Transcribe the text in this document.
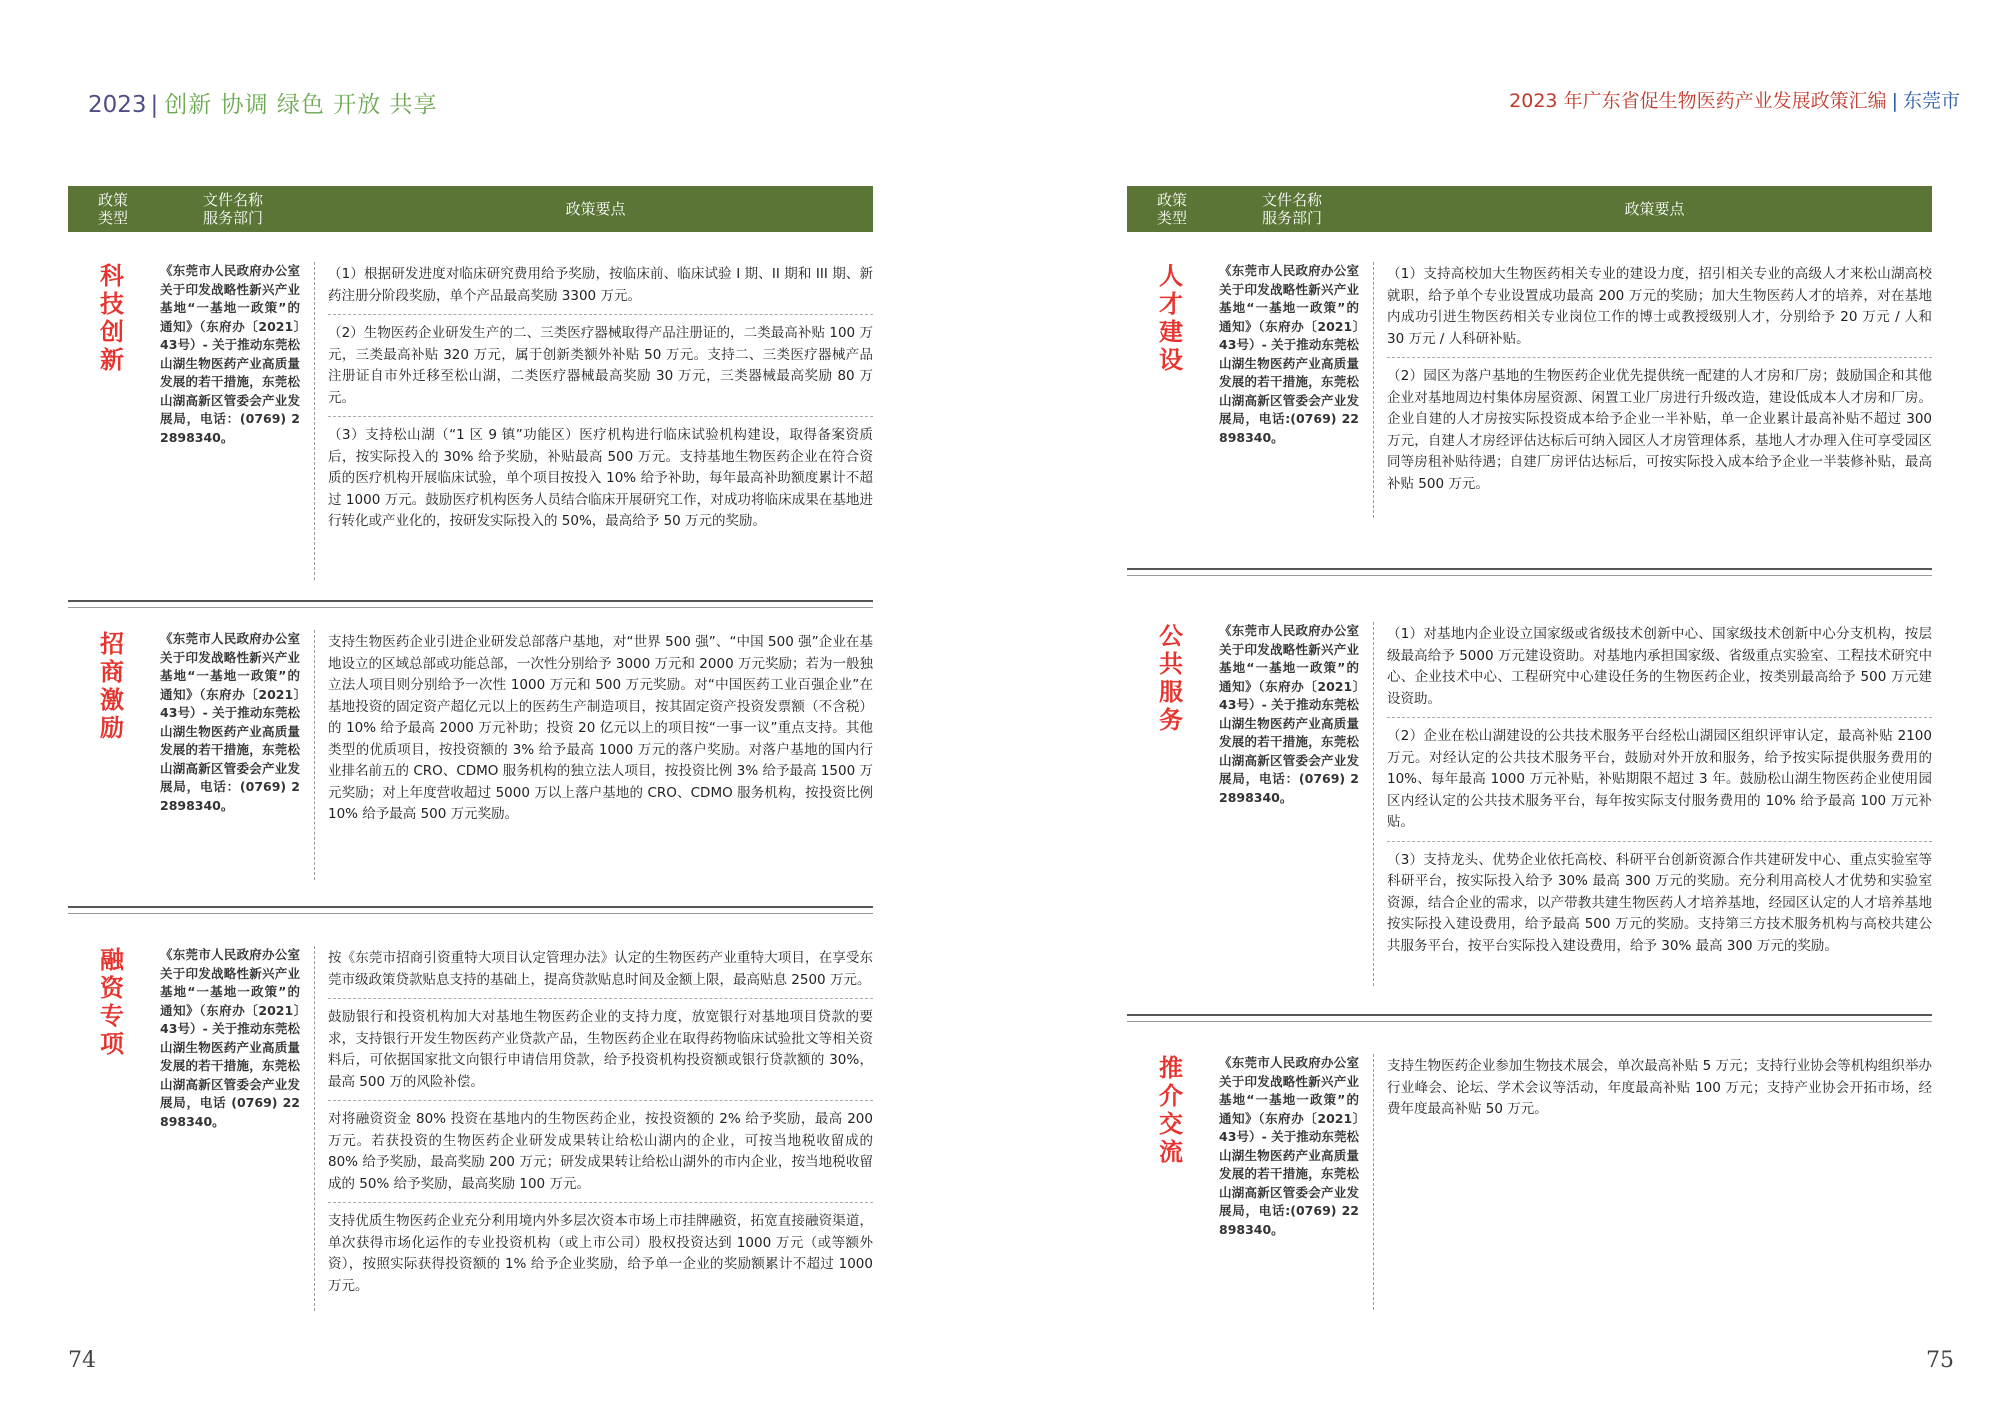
2023 | 创新 协调 绿色 开放 共享
政策
类型
文件名称
服务部门	政策要点
科
技
创
新
《东莞市人民政府办公室关于印发战略性新兴产业基地“一基地一政策”的通知》（东府办〔2021〕43号）- 关于推动东莞松山湖生物医药产业高质量发展的若干措施，东莞松山湖高新区管委会产业发展局，电话：(0769) 22898340。
（1）根据研发进度对临床研究费用给予奖励，按临床前、临床试验 I 期、II 期和 III 期、新药注册分阶段奖励，单个产品最高奖励 3300 万元。
（2）生物医药企业研发生产的二、三类医疗器械取得产品注册证的，二类最高补贴 100 万元，三类最高补贴 320 万元，属于创新类额外补贴 50 万元。支持二、三类医疗器械产品注册证自市外迁移至松山湖，二类医疗器械最高奖励 30 万元，三类器械最高奖励 80 万元。
（3）支持松山湖（“1 区 9 镇”功能区）医疗机构进行临床试验机构建设，取得备案资质后，按实际投入的 30% 给予奖励，补贴最高 500 万元。支持基地生物医药企业在符合资质的医疗机构开展临床试验，单个项目按投入 10% 给予补助，每年最高补助额度累计不超过 1000 万元。鼓励医疗机构医务人员结合临床开展研究工作，对成功将临床成果在基地进行转化或产业化的，按研发实际投入的 50%，最高给予 50 万元的奖励。
招
商
激
励
《东莞市人民政府办公室关于印发战略性新兴产业基地“一基地一政策”的通知》（东府办〔2021〕43号）- 关于推动东莞松山湖生物医药产业高质量发展的若干措施，东莞松山湖高新区管委会产业发展局，电话：(0769) 22898340。
支持生物医药企业引进企业研发总部落户基地，对“世界 500 强”、“中国 500 强”企业在基地设立的区域总部或功能总部，一次性分别给予 3000 万元和 2000 万元奖励；若为一般独立法人项目则分别给予一次性 1000 万元和 500 万元奖励。对“中国医药工业百强企业”在基地投资的固定资产超亿元以上的医药生产制造项目，按其固定资产投资发票额（不含税）的 10% 给予最高 2000 万元补助；投资 20 亿元以上的项目按“一事一议”重点支持。其他类型的优质项目，按投资额的 3% 给予最高 1000 万元的落户奖励。对落户基地的国内行业排名前五的 CRO、CDMO 服务机构的独立法人项目，按投资比例 3% 给予最高 1500 万元奖励；对上年度营收超过 5000 万以上落户基地的 CRO、CDMO 服务机构，按投资比例 10% 给予最高 500 万元奖励。
融
资
专
项
《东莞市人民政府办公室关于印发战略性新兴产业基地“一基地一政策”的通知》（东府办〔2021〕43号）- 关于推动东莞松山湖生物医药产业高质量发展的若干措施，东莞松山湖高新区管委会产业发展局，电话 (0769) 22898340。
按《东莞市招商引资重特大项目认定管理办法》认定的生物医药产业重特大项目，在享受东莞市级政策贷款贴息支持的基础上，提高贷款贴息时间及金额上限，最高贴息 2500 万元。
鼓励银行和投资机构加大对基地生物医药企业的支持力度，放宽银行对基地项目贷款的要求，支持银行开发生物医药产业贷款产品，生物医药企业在取得药物临床试验批文等相关资料后，可依据国家批文向银行申请信用贷款，给予投资机构投资额或银行贷款额的 30%，最高 500 万的风险补偿。
对将融资资金 80% 投资在基地内的生物医药企业，按投资额的 2% 给予奖励，最高 200 万元。若获投资的生物医药企业研发成果转让给松山湖内的企业，可按当地税收留成的 80% 给予奖励，最高奖励 200 万元；研发成果转让给松山湖外的市内企业，按当地税收留成的 50% 给予奖励，最高奖励 100 万元。
支持优质生物医药企业充分利用境内外多层次资本市场上市挂牌融资，拓宽直接融资渠道，单次获得市场化运作的专业投资机构（或上市公司）股权投资达到 1000 万元（或等额外资），按照实际获得投资额的 1% 给予企业奖励，给予单一企业的奖励额累计不超过 1000 万元。
74
2023 年广东省促生物医药产业发展政策汇编 | 东莞市
政策
类型
文件名称
服务部门	政策要点
人
才
建
设
《东莞市人民政府办公室关于印发战略性新兴产业基地“一基地一政策”的通知》（东府办〔2021〕43号）- 关于推动东莞松山湖生物医药产业高质量发展的若干措施，东莞松山湖高新区管委会产业发展局，电话:(0769) 22898340。
（1）支持高校加大生物医药相关专业的建设力度，招引相关专业的高级人才来松山湖高校就职，给予单个专业设置成功最高 200 万元的奖励；加大生物医药人才的培养，对在基地内成功引进生物医药相关专业岗位工作的博士或教授级别人才，分别给予 20 万元 / 人和 30 万元 / 人科研补贴。
（2）园区为落户基地的生物医药企业优先提供统一配建的人才房和厂房；鼓励国企和其他企业对基地周边村集体房屋资源、闲置工业厂房进行升级改造，建设低成本人才房和厂房。企业自建的人才房按实际投资成本给予企业一半补贴，单一企业累计最高补贴不超过 300 万元，自建人才房经评估达标后可纳入园区人才房管理体系，基地人才办理入住可享受园区同等房租补贴待遇；自建厂房评估达标后，可按实际投入成本给予企业一半装修补贴，最高补贴 500 万元。
公
共
服
务
《东莞市人民政府办公室关于印发战略性新兴产业基地“一基地一政策”的通知》（东府办〔2021〕43号）- 关于推动东莞松山湖生物医药产业高质量发展的若干措施，东莞松山湖高新区管委会产业发展局，电话：(0769) 22898340。
（1）对基地内企业设立国家级或省级技术创新中心、国家级技术创新中心分支机构，按层级最高给予 5000 万元建设资助。对基地内承担国家级、省级重点实验室、工程技术研究中心、企业技术中心、工程研究中心建设任务的生物医药企业，按类别最高给予 500 万元建设资助。
（2）企业在松山湖建设的公共技术服务平台经松山湖园区组织评审认定，最高补贴 2100 万元。对经认定的公共技术服务平台，鼓励对外开放和服务，给予按实际提供服务费用的 10%、每年最高 1000 万元补贴，补贴期限不超过 3 年。鼓励松山湖生物医药企业使用园区内经认定的公共技术服务平台，每年按实际支付服务费用的 10% 给予最高 100 万元补贴。
（3）支持龙头、优势企业依托高校、科研平台创新资源合作共建研发中心、重点实验室等科研平台，按实际投入给予 30% 最高 300 万元的奖励。充分利用高校人才优势和实验室资源，结合企业的需求，以产带教共建生物医药人才培养基地，经园区认定的人才培养基地按实际投入建设费用，给予最高 500 万元的奖励。支持第三方技术服务机构与高校共建公共服务平台，按平台实际投入建设费用，给予 30% 最高 300 万元的奖励。
推
介
交
流
《东莞市人民政府办公室关于印发战略性新兴产业基地“一基地一政策”的通知》（东府办〔2021〕43号）- 关于推动东莞松山湖生物医药产业高质量发展的若干措施，东莞松山湖高新区管委会产业发展局，电话:(0769) 22898340。
支持生物医药企业参加生物技术展会，单次最高补贴 5 万元；支持行业协会等机构组织举办行业峰会、论坛、学术会议等活动，年度最高补贴 100 万元；支持产业协会开拓市场，经费年度最高补贴 50 万元。
75
